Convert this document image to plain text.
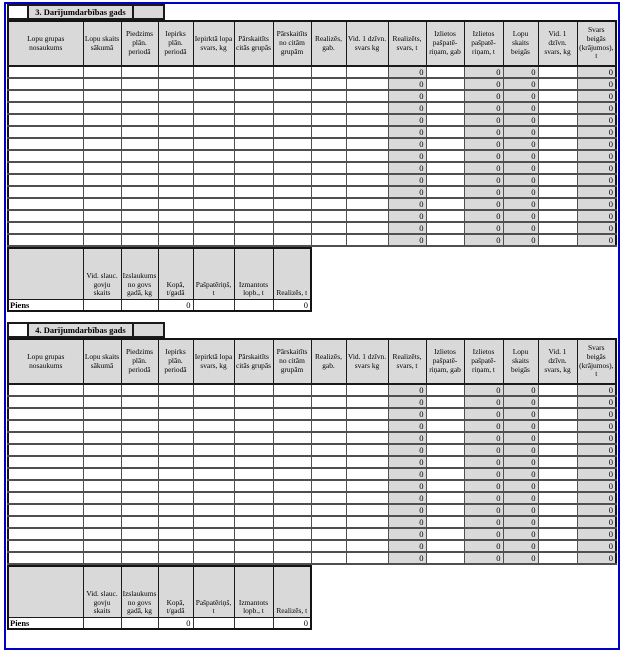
	3. Darījumdarbības gads	
Lopu grupas nosaukums	Lopu skaits sākumā	Piedzims plān. periodā	Iepirks plān. periodā	Iepirktā lopa svars, kg	Pārskaitīts citās grupās	Pārskaitīts no citām grupām	Realizēs, gab.	Vid. 1 dzīvn. svars kg	Realizēts, svars, t	Izlietos pašpatē-riņam, gab	Izlietos pašpatē-riņam, t	Lopu skaits beigās	Vid. 1 dzīvn. svars, kg	Svars beigās (krājumos), t
									0		0	0		0
									0		0	0		0
									0		0	0		0
									0		0	0		0
									0		0	0		0
									0		0	0		0
									0		0	0		0
									0		0	0		0
									0		0	0		0
									0		0	0		0
									0		0	0		0
									0		0	0		0
									0		0	0		0
									0		0	0		0
									0		0	0		0
	Vid. slauc. govju skaits	Izslaukums no govs gadā, kg	Kopā, t/gadā	Pašpatēriņš, t	Izmantots lopb., t	Realizēs, t
Piens			0			0
	4. Darījumdarbības gads	
Lopu grupas nosaukums	Lopu skaits sākumā	Piedzims plān. periodā	Iepirks plān. periodā	Iepirktā lopa svars, kg	Pārskaitīts citās grupās	Pārskaitīts no citām grupām	Realizēs, gab.	Vid. 1 dzīvn. svars kg	Realizēts, svars, t	Izlietos pašpatē-riņam, gab	Izlietos pašpatē-riņam, t	Lopu skaits beigās	Vid. 1 dzīvn. svars, kg	Svars beigās (krājumos), t
									0		0	0		0
									0		0	0		0
									0		0	0		0
									0		0	0		0
									0		0	0		0
									0		0	0		0
									0		0	0		0
									0		0	0		0
									0		0	0		0
									0		0	0		0
									0		0	0		0
									0		0	0		0
									0		0	0		0
									0		0	0		0
									0		0	0		0
	Vid. slauc. govju skaits	Izslaukums no govs gadā, kg	Kopā, t/gadā	Pašpatēriņš, t	Izmantots lopb., t	Realizēs, t
Piens			0			0
